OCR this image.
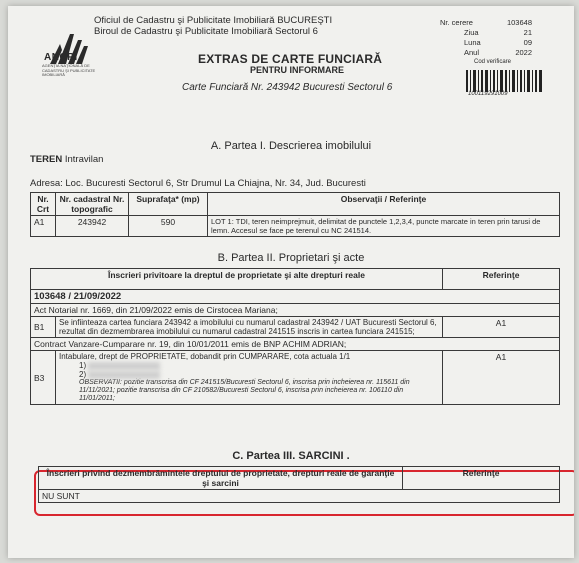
ANCPI
AGENŢIA NAŢIONALĂ DE CADASTRU ŞI PUBLICITATE IMOBILIARĂ
Oficiul de Cadastru şi Publicitate Imobiliară BUCUREŞTI
Biroul de Cadastru şi Publicitate Imobiliară Sectorul 6
Nr. cerere	103648
Ziua	21
Luna	09
Anul	2022
Cod verificare
100119291009
EXTRAS DE CARTE FUNCIARĂ
PENTRU INFORMARE
Carte Funciară Nr. 243942 Bucuresti Sectorul 6
A. Partea I. Descrierea imobilului
TEREN Intravilan
Adresa: Loc. Bucuresti Sectorul 6, Str Drumul La Chiajna, Nr. 34, Jud. Bucuresti
Nr. Crt	Nr. cadastral Nr. topografic	Suprafaţa* (mp)	Observaţii / Referinţe
A1	243942	590	LOT 1: TDI, teren neimprejmuit, delimitat de punctele 1,2,3,4, puncte marcate in teren prin tarusi de lemn. Accesul se face pe terenul cu NC 241514.
B. Partea II. Proprietari şi acte
Înscrieri privitoare la dreptul de proprietate şi alte drepturi reale		Referinţe
103648 / 21/09/2022		
Act Notarial nr. 1669, din 21/09/2022 emis de Cirstocea Mariana;		
B1	Se infiinteaza cartea funciara 243942 a imobilului cu numarul cadastral 243942 / UAT Bucuresti Sectorul 6, rezultat din dezmembrarea imobilului cu numarul cadastral 241515 inscris in cartea funciara 241515;	A1
Contract Vanzare-Cumparare nr. 19, din 10/01/2011 emis de BNP ACHIM ADRIAN;		
B3	Intabulare, drept de PROPRIETATE, dobandit prin CUMPARARE, cota actuala 1/1
1)
2)
OBSERVATII: pozitie transcrisa din CF 241515/Bucuresti Sectorul 6, inscrisa prin incheierea nr. 115611 din 11/11/2021; pozitie transcrisa din CF 210582/Bucuresti Sectorul 6, inscrisa prin incheierea nr. 106110 din 11/01/2011;	A1
C. Partea III. SARCINI .
Înscrieri privind dezmembrămintele dreptului de proprietate, drepturi reale de garanţie şi sarcini	Referinţe
NU SUNT
